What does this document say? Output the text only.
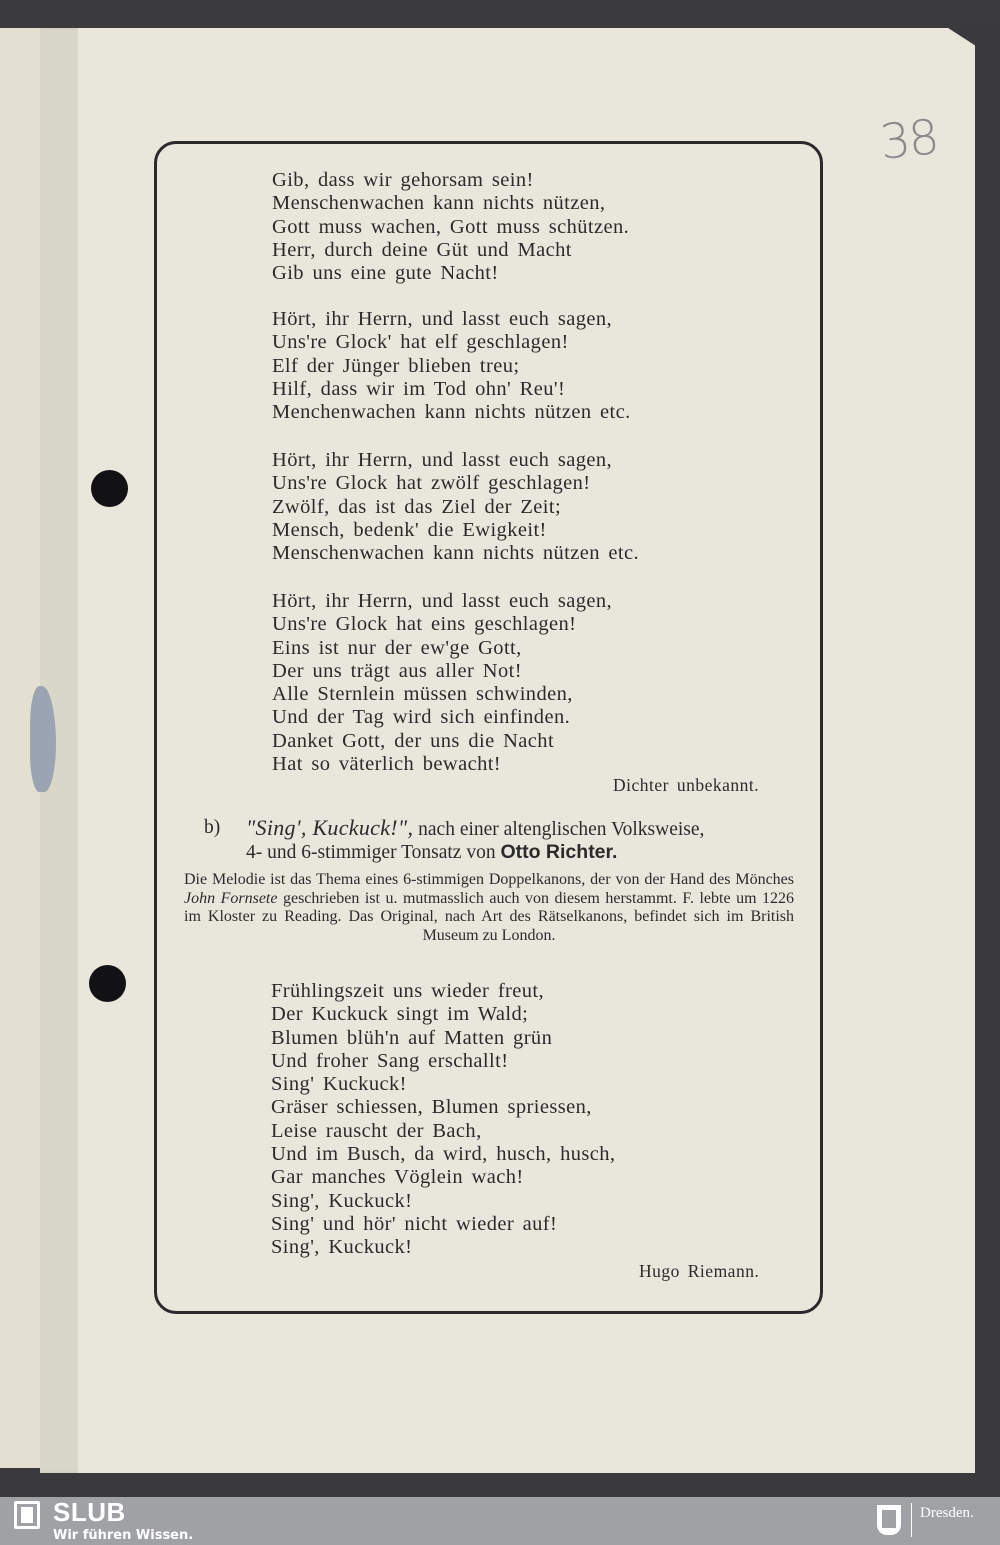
38
Gib, dass wir gehorsam sein!
Menschenwachen kann nichts nützen,
Gott muss wachen, Gott muss schützen.
Herr, durch deine Güt und Macht
Gib uns eine gute Nacht!
Hört, ihr Herrn, und lasst euch sagen,
Uns're Glock' hat elf geschlagen!
Elf der Jünger blieben treu;
Hilf, dass wir im Tod ohn' Reu'!
Menchenwachen kann nichts nützen etc.
Hört, ihr Herrn, und lasst euch sagen,
Uns're Glock hat zwölf geschlagen!
Zwölf, das ist das Ziel der Zeit;
Mensch, bedenk' die Ewigkeit!
Menschenwachen kann nichts nützen etc.
Hört, ihr Herrn, und lasst euch sagen,
Uns're Glock hat eins geschlagen!
Eins ist nur der ew'ge Gott,
Der uns trägt aus aller Not!
Alle Sternlein müssen schwinden,
Und der Tag wird sich einfinden.
Danket Gott, der uns die Nacht
Hat so väterlich bewacht!
Dichter unbekannt.
b) "Sing', Kuckuck!", nach einer altenglischen Volksweise,
4- und 6-stimmiger Tonsatz von Otto Richter.
Die Melodie ist das Thema eines 6-stimmigen Doppelkanons, der von der Hand des Mönches John Fornsete geschrieben ist u. mutmasslich auch von diesem herstammt. F. lebte um 1226 im Kloster zu Reading. Das Original, nach Art des Rätselkanons, befindet sich im British Museum zu London.
Frühlingszeit uns wieder freut,
Der Kuckuck singt im Wald;
Blumen blüh'n auf Matten grün
Und froher Sang erschallt!
Sing' Kuckuck!
Gräser schiessen, Blumen spriessen,
Leise rauscht der Bach,
Und im Busch, da wird, husch, husch,
Gar manches Vöglein wach!
Sing', Kuckuck!
Sing' und hör' nicht wieder auf!
Sing', Kuckuck!
Hugo Riemann.
SLUB
Wir führen Wissen.
Dresden.
